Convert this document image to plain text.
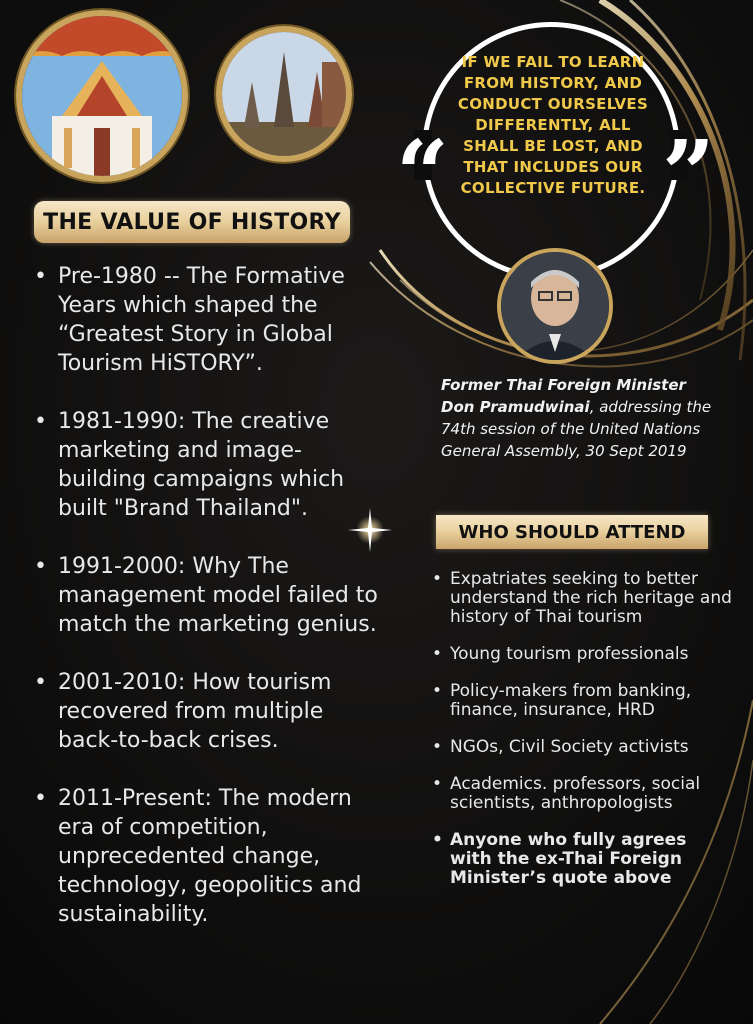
THE VALUE OF HISTORY
• Pre-1980 -- The Formative Years which shaped the “Greatest Story in Global Tourism HiSTORY”.
• 1981-1990: The creative marketing and image-building campaigns which built "Brand Thailand".
• 1991-2000: Why The management model failed to match the marketing genius.
• 2001-2010: How tourism recovered from multiple back-to-back crises.
• 2011-Present: The modern era of competition, unprecedented change, technology, geopolitics and sustainability.
“ ”
IF WE FAIL TO LEARN FROM HISTORY, AND CONDUCT OURSELVES DIFFERENTLY, ALL SHALL BE LOST, AND THAT INCLUDES OUR COLLECTIVE FUTURE.
Former Thai Foreign Minister
Don Pramudwinai, addressing the 74th session of the United Nations General Assembly, 30 Sept 2019
WHO SHOULD ATTEND
• Expatriates seeking to better understand the rich heritage and history of Thai tourism
• Young tourism professionals
• Policy-makers from banking, finance, insurance, HRD
• NGOs, Civil Society activists
• Academics. professors, social scientists, anthropologists
• Anyone who fully agrees with the ex-Thai Foreign Minister’s quote above
